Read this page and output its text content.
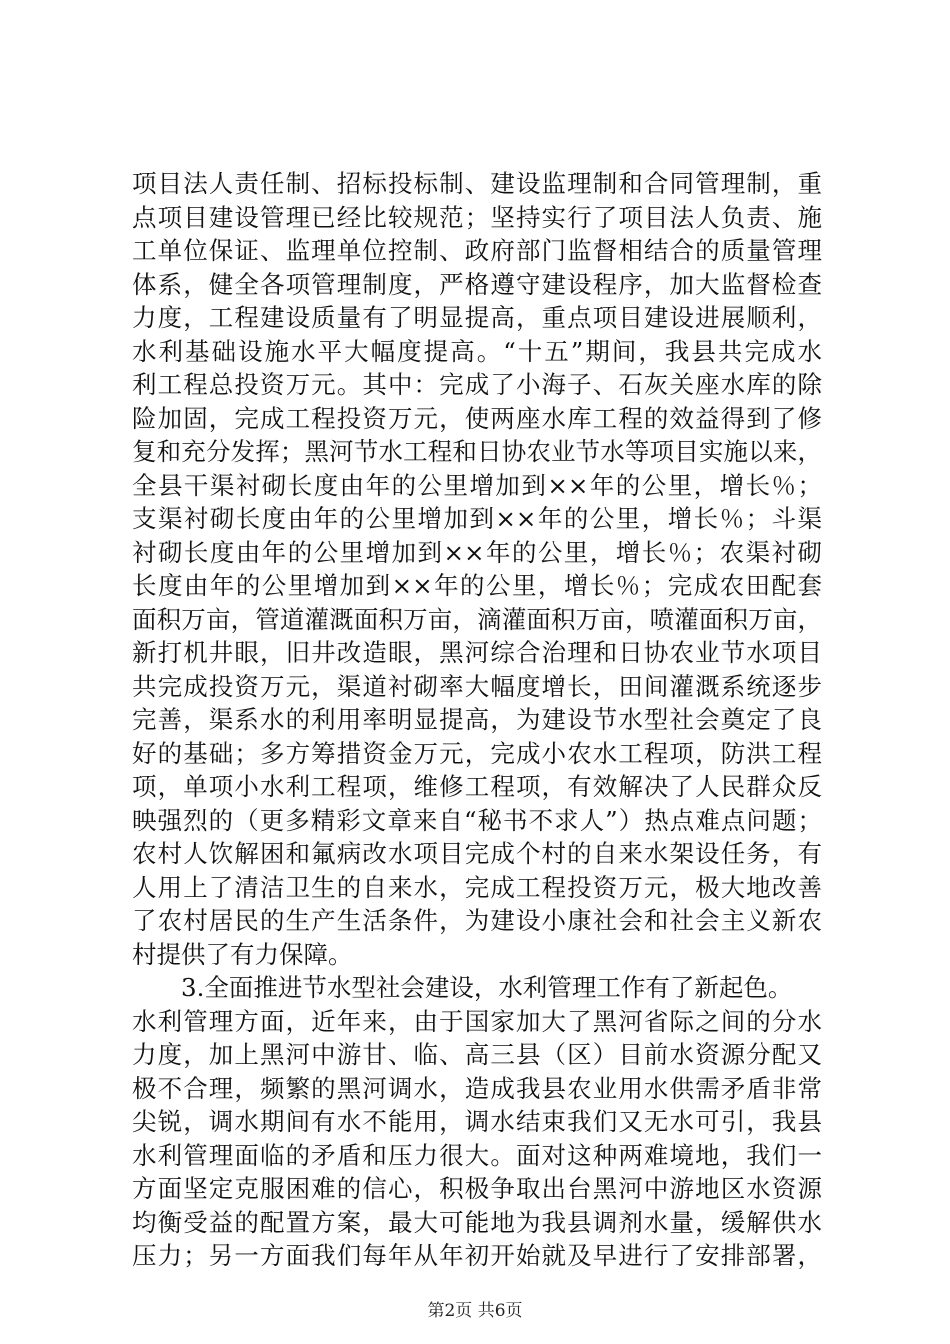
项目法人责任制、招标投标制、建设监理制和合同管理制，重
点项目建设管理已经比较规范；坚持实行了项目法人负责、施
工单位保证、监理单位控制、政府部门监督相结合的质量管理
体系，健全各项管理制度，严格遵守建设程序，加大监督检查
力度，工程建设质量有了明显提高，重点项目建设进展顺利，
水利基础设施水平大幅度提高。“十五”期间，我县共完成水
利工程总投资万元。其中：完成了小海子、石灰关座水库的除
险加固，完成工程投资万元，使两座水库工程的效益得到了修
复和充分发挥；黑河节水工程和日协农业节水等项目实施以来，
全县干渠衬砌长度由年的公里增加到××年的公里，增长％；
支渠衬砌长度由年的公里增加到××年的公里，增长％；斗渠
衬砌长度由年的公里增加到××年的公里，增长％；农渠衬砌
长度由年的公里增加到××年的公里，增长％；完成农田配套
面积万亩，管道灌溉面积万亩，滴灌面积万亩，喷灌面积万亩，
新打机井眼，旧井改造眼，黑河综合治理和日协农业节水项目
共完成投资万元，渠道衬砌率大幅度增长，田间灌溉系统逐步
完善，渠系水的利用率明显提高，为建设节水型社会奠定了良
好的基础；多方筹措资金万元，完成小农水工程项，防洪工程
项，单项小水利工程项，维修工程项，有效解决了人民群众反
映强烈的（更多精彩文章来自“秘书不求人”）热点难点问题；
农村人饮解困和氟病改水项目完成个村的自来水架设任务，有
人用上了清洁卫生的自来水，完成工程投资万元，极大地改善
了农村居民的生产生活条件，为建设小康社会和社会主义新农
村提供了有力保障。
3.全面推进节水型社会建设，水利管理工作有了新起色。
水利管理方面，近年来，由于国家加大了黑河省际之间的分水
力度，加上黑河中游甘、临、高三县（区）目前水资源分配又
极不合理，频繁的黑河调水，造成我县农业用水供需矛盾非常
尖锐，调水期间有水不能用，调水结束我们又无水可引，我县
水利管理面临的矛盾和压力很大。面对这种两难境地，我们一
方面坚定克服困难的信心，积极争取出台黑河中游地区水资源
均衡受益的配置方案，最大可能地为我县调剂水量，缓解供水
压力；另一方面我们每年从年初开始就及早进行了安排部署，
第2页 共6页
